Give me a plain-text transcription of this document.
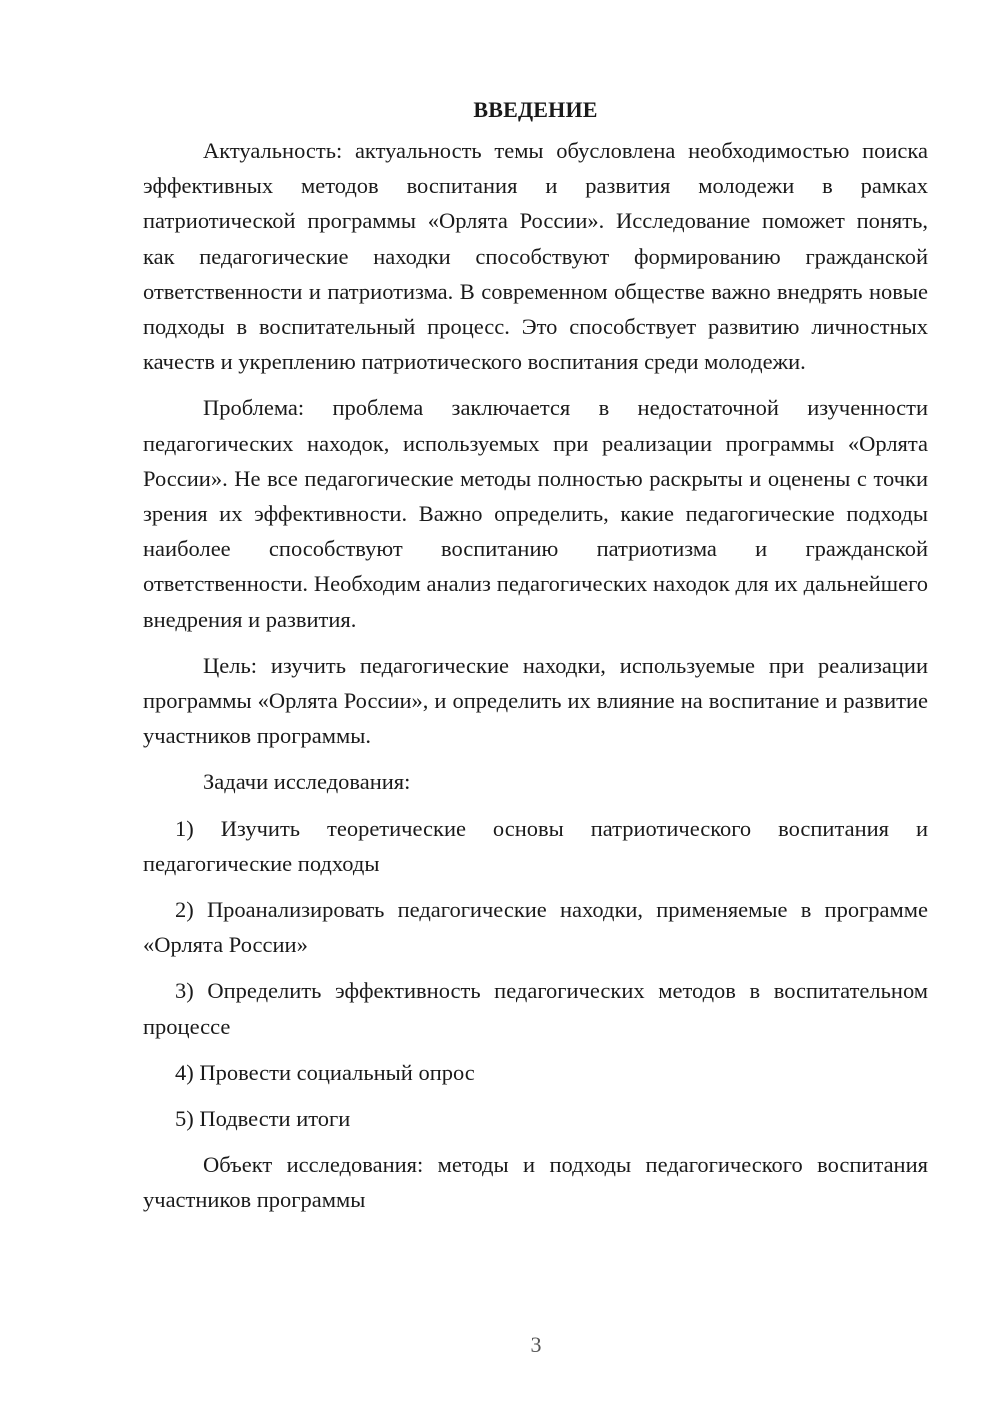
ВВЕДЕНИЕ

Актуальность: актуальность темы обусловлена необходимостью поиска эффективных методов воспитания и развития молодежи в рамках патриотической программы «Орлята России». Исследование поможет понять, как педагогические находки способствуют формированию гражданской ответственности и патриотизма. В современном обществе важно внедрять новые подходы в воспитательный процесс. Это способствует развитию личностных качеств и укреплению патриотического воспитания среди молодежи.

Проблема: проблема заключается в недостаточной изученности педагогических находок, используемых при реализации программы «Орлята России». Не все педагогические методы полностью раскрыты и оценены с точки зрения их эффективности. Важно определить, какие педагогические подходы наиболее способствуют воспитанию патриотизма и гражданской ответственности. Необходим анализ педагогических находок для их дальнейшего внедрения и развития.

Цель: изучить педагогические находки, используемые при реализации программы «Орлята России», и определить их влияние на воспитание и развитие участников программы.

Задачи исследования:

1) Изучить теоретические основы патриотического воспитания и педагогические подходы

2) Проанализировать педагогические находки, применяемые в программе «Орлята России»

3) Определить эффективность педагогических методов в воспитательном процессе

4) Провести социальный опрос

5) Подвести итоги

Объект исследования: методы и подходы педагогического воспитания участников программы

3
